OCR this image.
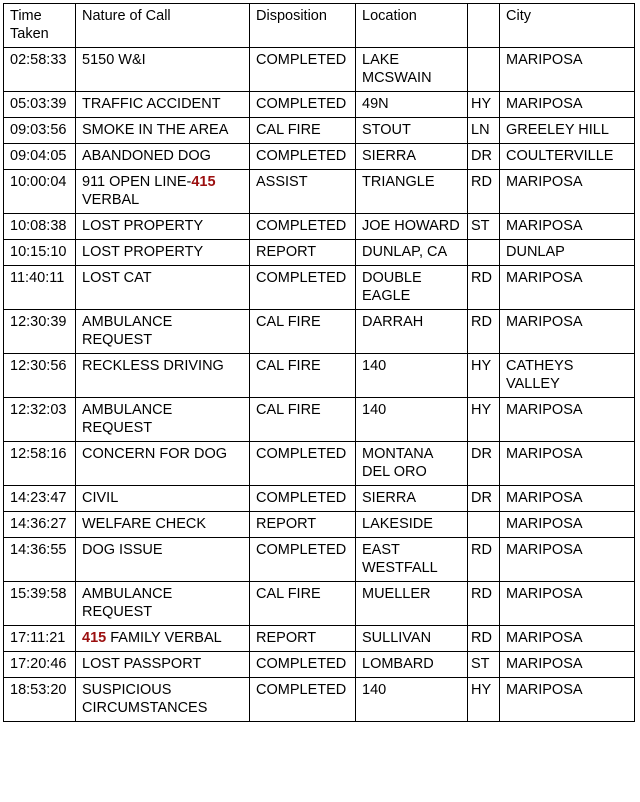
Time Taken	Nature of Call	Disposition	Location		City
02:58:33	5150 W&I	COMPLETED	LAKE MCSWAIN		MARIPOSA
05:03:39	TRAFFIC ACCIDENT	COMPLETED	49N	HY	MARIPOSA
09:03:56	SMOKE IN THE AREA	CAL FIRE	STOUT	LN	GREELEY HILL
09:04:05	ABANDONED DOG	COMPLETED	SIERRA	DR	COULTERVILLE
10:00:04	911 OPEN LINE-415 VERBAL	ASSIST	TRIANGLE	RD	MARIPOSA
10:08:38	LOST PROPERTY	COMPLETED	JOE HOWARD	ST	MARIPOSA
10:15:10	LOST PROPERTY	REPORT	DUNLAP, CA		DUNLAP
11:40:11	LOST CAT	COMPLETED	DOUBLE EAGLE	RD	MARIPOSA
12:30:39	AMBULANCE REQUEST	CAL FIRE	DARRAH	RD	MARIPOSA
12:30:56	RECKLESS DRIVING	CAL FIRE	140	HY	CATHEYS VALLEY
12:32:03	AMBULANCE REQUEST	CAL FIRE	140	HY	MARIPOSA
12:58:16	CONCERN FOR DOG	COMPLETED	MONTANA DEL ORO	DR	MARIPOSA
14:23:47	CIVIL	COMPLETED	SIERRA	DR	MARIPOSA
14:36:27	WELFARE CHECK	REPORT	LAKESIDE		MARIPOSA
14:36:55	DOG ISSUE	COMPLETED	EAST WESTFALL	RD	MARIPOSA
15:39:58	AMBULANCE REQUEST	CAL FIRE	MUELLER	RD	MARIPOSA
17:11:21	415 FAMILY VERBAL	REPORT	SULLIVAN	RD	MARIPOSA
17:20:46	LOST PASSPORT	COMPLETED	LOMBARD	ST	MARIPOSA
18:53:20	SUSPICIOUS CIRCUMSTANCES	COMPLETED	140	HY	MARIPOSA
